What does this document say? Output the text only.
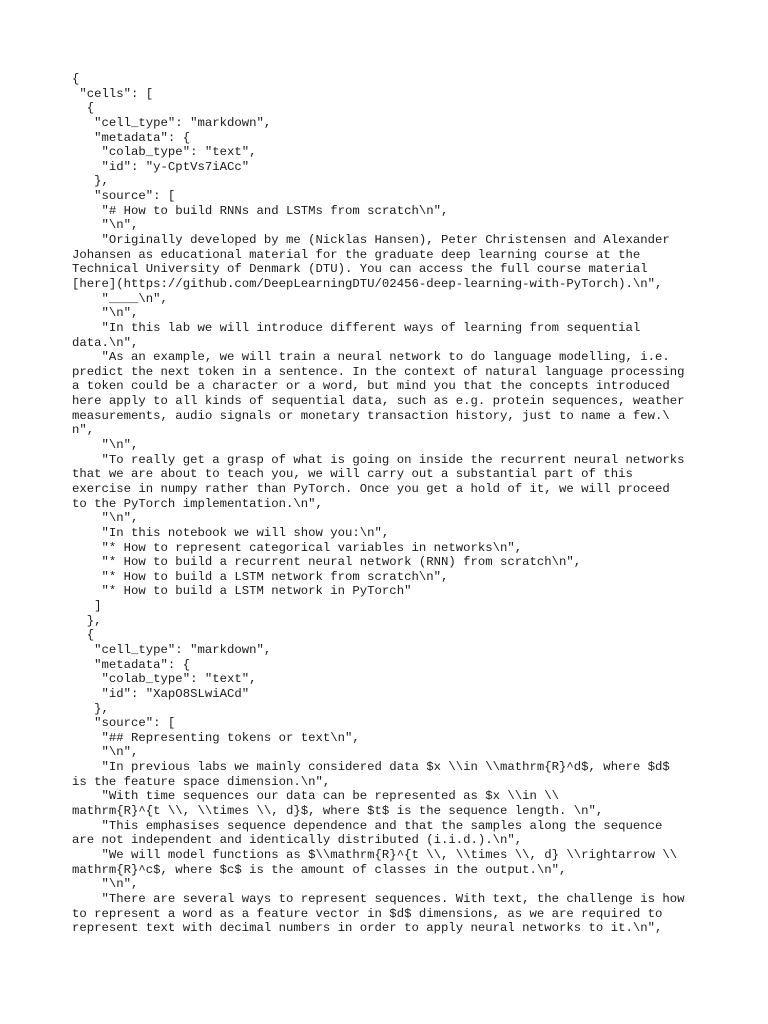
{
"cells": [
{
"cell_type": "markdown",
"metadata": {
"colab_type": "text",
"id": "y-CptVs7iACc"
},
"source": [
"# How to build RNNs and LSTMs from scratch\n",
"\n",
"Originally developed by me (Nicklas Hansen), Peter Christensen and Alexander
Johansen as educational material for the graduate deep learning course at the
Technical University of Denmark (DTU). You can access the full course material
[here](https://github.com/DeepLearningDTU/02456-deep-learning-with-PyTorch).\n",
"____\n",
"\n",
"In this lab we will introduce different ways of learning from sequential
data.\n",
"As an example, we will train a neural network to do language modelling, i.e.
predict the next token in a sentence. In the context of natural language processing
a token could be a character or a word, but mind you that the concepts introduced
here apply to all kinds of sequential data, such as e.g. protein sequences, weather
measurements, audio signals or monetary transaction history, just to name a few.\
n",
"\n",
"To really get a grasp of what is going on inside the recurrent neural networks
that we are about to teach you, we will carry out a substantial part of this
exercise in numpy rather than PyTorch. Once you get a hold of it, we will proceed
to the PyTorch implementation.\n",
"\n",
"In this notebook we will show you:\n",
"* How to represent categorical variables in networks\n",
"* How to build a recurrent neural network (RNN) from scratch\n",
"* How to build a LSTM network from scratch\n",
"* How to build a LSTM network in PyTorch"
]
},
{
"cell_type": "markdown",
"metadata": {
"colab_type": "text",
"id": "XapO8SLwiACd"
},
"source": [
"## Representing tokens or text\n",
"\n",
"In previous labs we mainly considered data $x \\in \\mathrm{R}^d$, where $d$
is the feature space dimension.\n",
"With time sequences our data can be represented as $x \\in \\
mathrm{R}^{t \\, \\times \\, d}$, where $t$ is the sequence length. \n",
"This emphasises sequence dependence and that the samples along the sequence
are not independent and identically distributed (i.i.d.).\n",
"We will model functions as $\\mathrm{R}^{t \\, \\times \\, d} \\rightarrow \\
mathrm{R}^c$, where $c$ is the amount of classes in the output.\n",
"\n",
"There are several ways to represent sequences. With text, the challenge is how
to represent a word as a feature vector in $d$ dimensions, as we are required to
represent text with decimal numbers in order to apply neural networks to it.\n",
